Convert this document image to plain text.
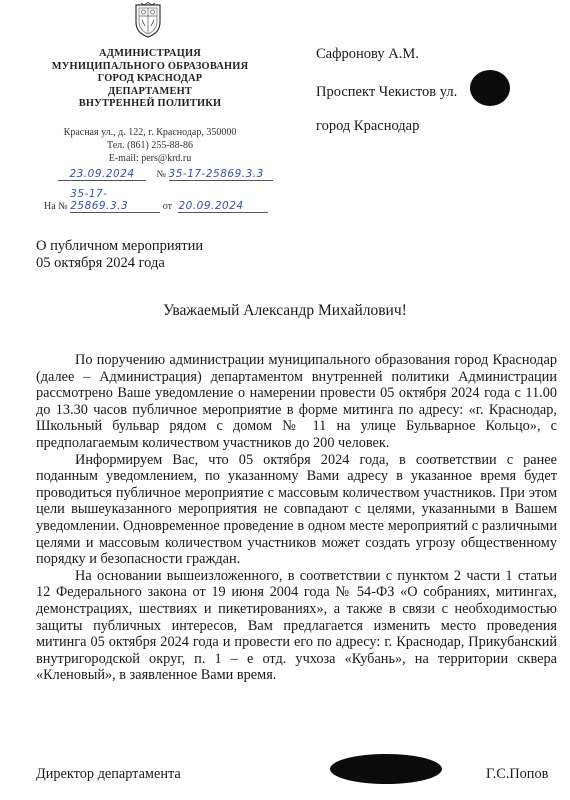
АДМИНИСТРАЦИЯ
МУНИЦИПАЛЬНОГО ОБРАЗОВАНИЯ
ГОРОД КРАСНОДАР
ДЕПАРТАМЕНТ
ВНУТРЕННЕЙ ПОЛИТИКИ
Красная ул., д. 122, г. Краснодар, 350000
Тел. (861) 255-88-86
E-mail: pers@krd.ru
23.09.2024 № 35-17-25869.3.3
На № 35-17-25869.3.3	от 20.09.2024
Сафронову А.М.
Проспект Чекистов ул.
город Краснодар
О публичном мероприятии
05 октября 2024 года
Уважаемый Александр Михайлович!

По поручению администрации муниципального образования город Краснодар (далее – Администрация) департаментом внутренней политики Администрации рассмотрено Ваше уведомление о намерении провести 05 октября 2024 года с 11.00 до 13.30 часов публичное мероприятие в форме митинга по адресу: «г. Краснодар, Школьный бульвар рядом с домом № 11 на улице Бульварное Кольцо», с предполагаемым количеством участников до 200 человек.

Информируем Вас, что 05 октября 2024 года, в соответствии с ранее поданным уведомлением, по указанному Вами адресу в указанное время будет проводиться публичное мероприятие с массовым количеством участников. При этом цели вышеуказанного мероприятия не совпадают с целями, указанными в Вашем уведомлении. Одновременное проведение в одном месте мероприятий с различными целями и массовым количеством участников может создать угрозу общественному порядку и безопасности граждан.

На основании вышеизложенного, в соответствии с пунктом 2 части 1 статьи 12 Федерального закона от 19 июня 2004 года № 54-ФЗ «О собраниях, митингах, демонстрациях, шествиях и пикетированиях», а также в связи с необходимостью защиты публичных интересов, Вам предлагается изменить место проведения митинга 05 октября 2024 года и провести его по адресу: г. Краснодар, Прикубанский внутригородской округ, п. 1 – е отд. учхоза «Кубань», на территории сквера «Кленовый», в заявленное Вами время.

Директор департамента	Г.С.Попов
